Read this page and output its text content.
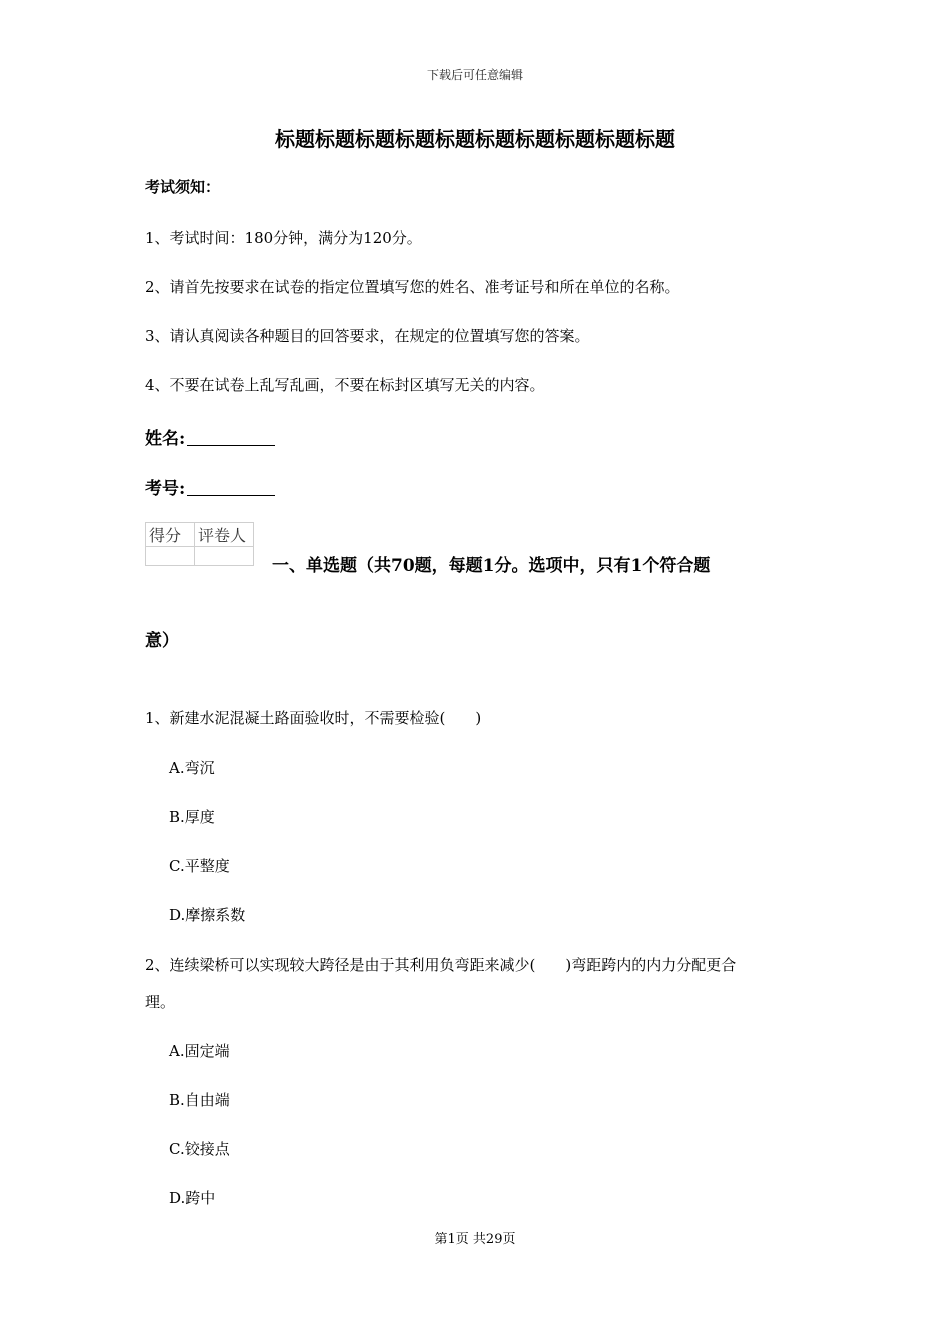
下载后可任意编辑
标题标题标题标题标题标题标题标题标题标题
考试须知：
1、考试时间：180分钟，满分为120分。
2、请首先按要求在试卷的指定位置填写您的姓名、准考证号和所在单位的名称。
3、请认真阅读各种题目的回答要求，在规定的位置填写您的答案。
4、不要在试卷上乱写乱画，不要在标封区填写无关的内容。
姓名:
考号:
得分	评卷人

一、单选题（共70题，每题1分。选项中，只有1个符合题
意）
1、新建水泥混凝土路面验收时，不需要检验(　　)
A.弯沉
B.厚度
C.平整度
D.摩擦系数
2、连续梁桥可以实现较大跨径是由于其利用负弯距来减少(　　)弯距跨内的内力分配更合
理。
A.固定端
B.自由端
C.铰接点
D.跨中
第1页 共29页
